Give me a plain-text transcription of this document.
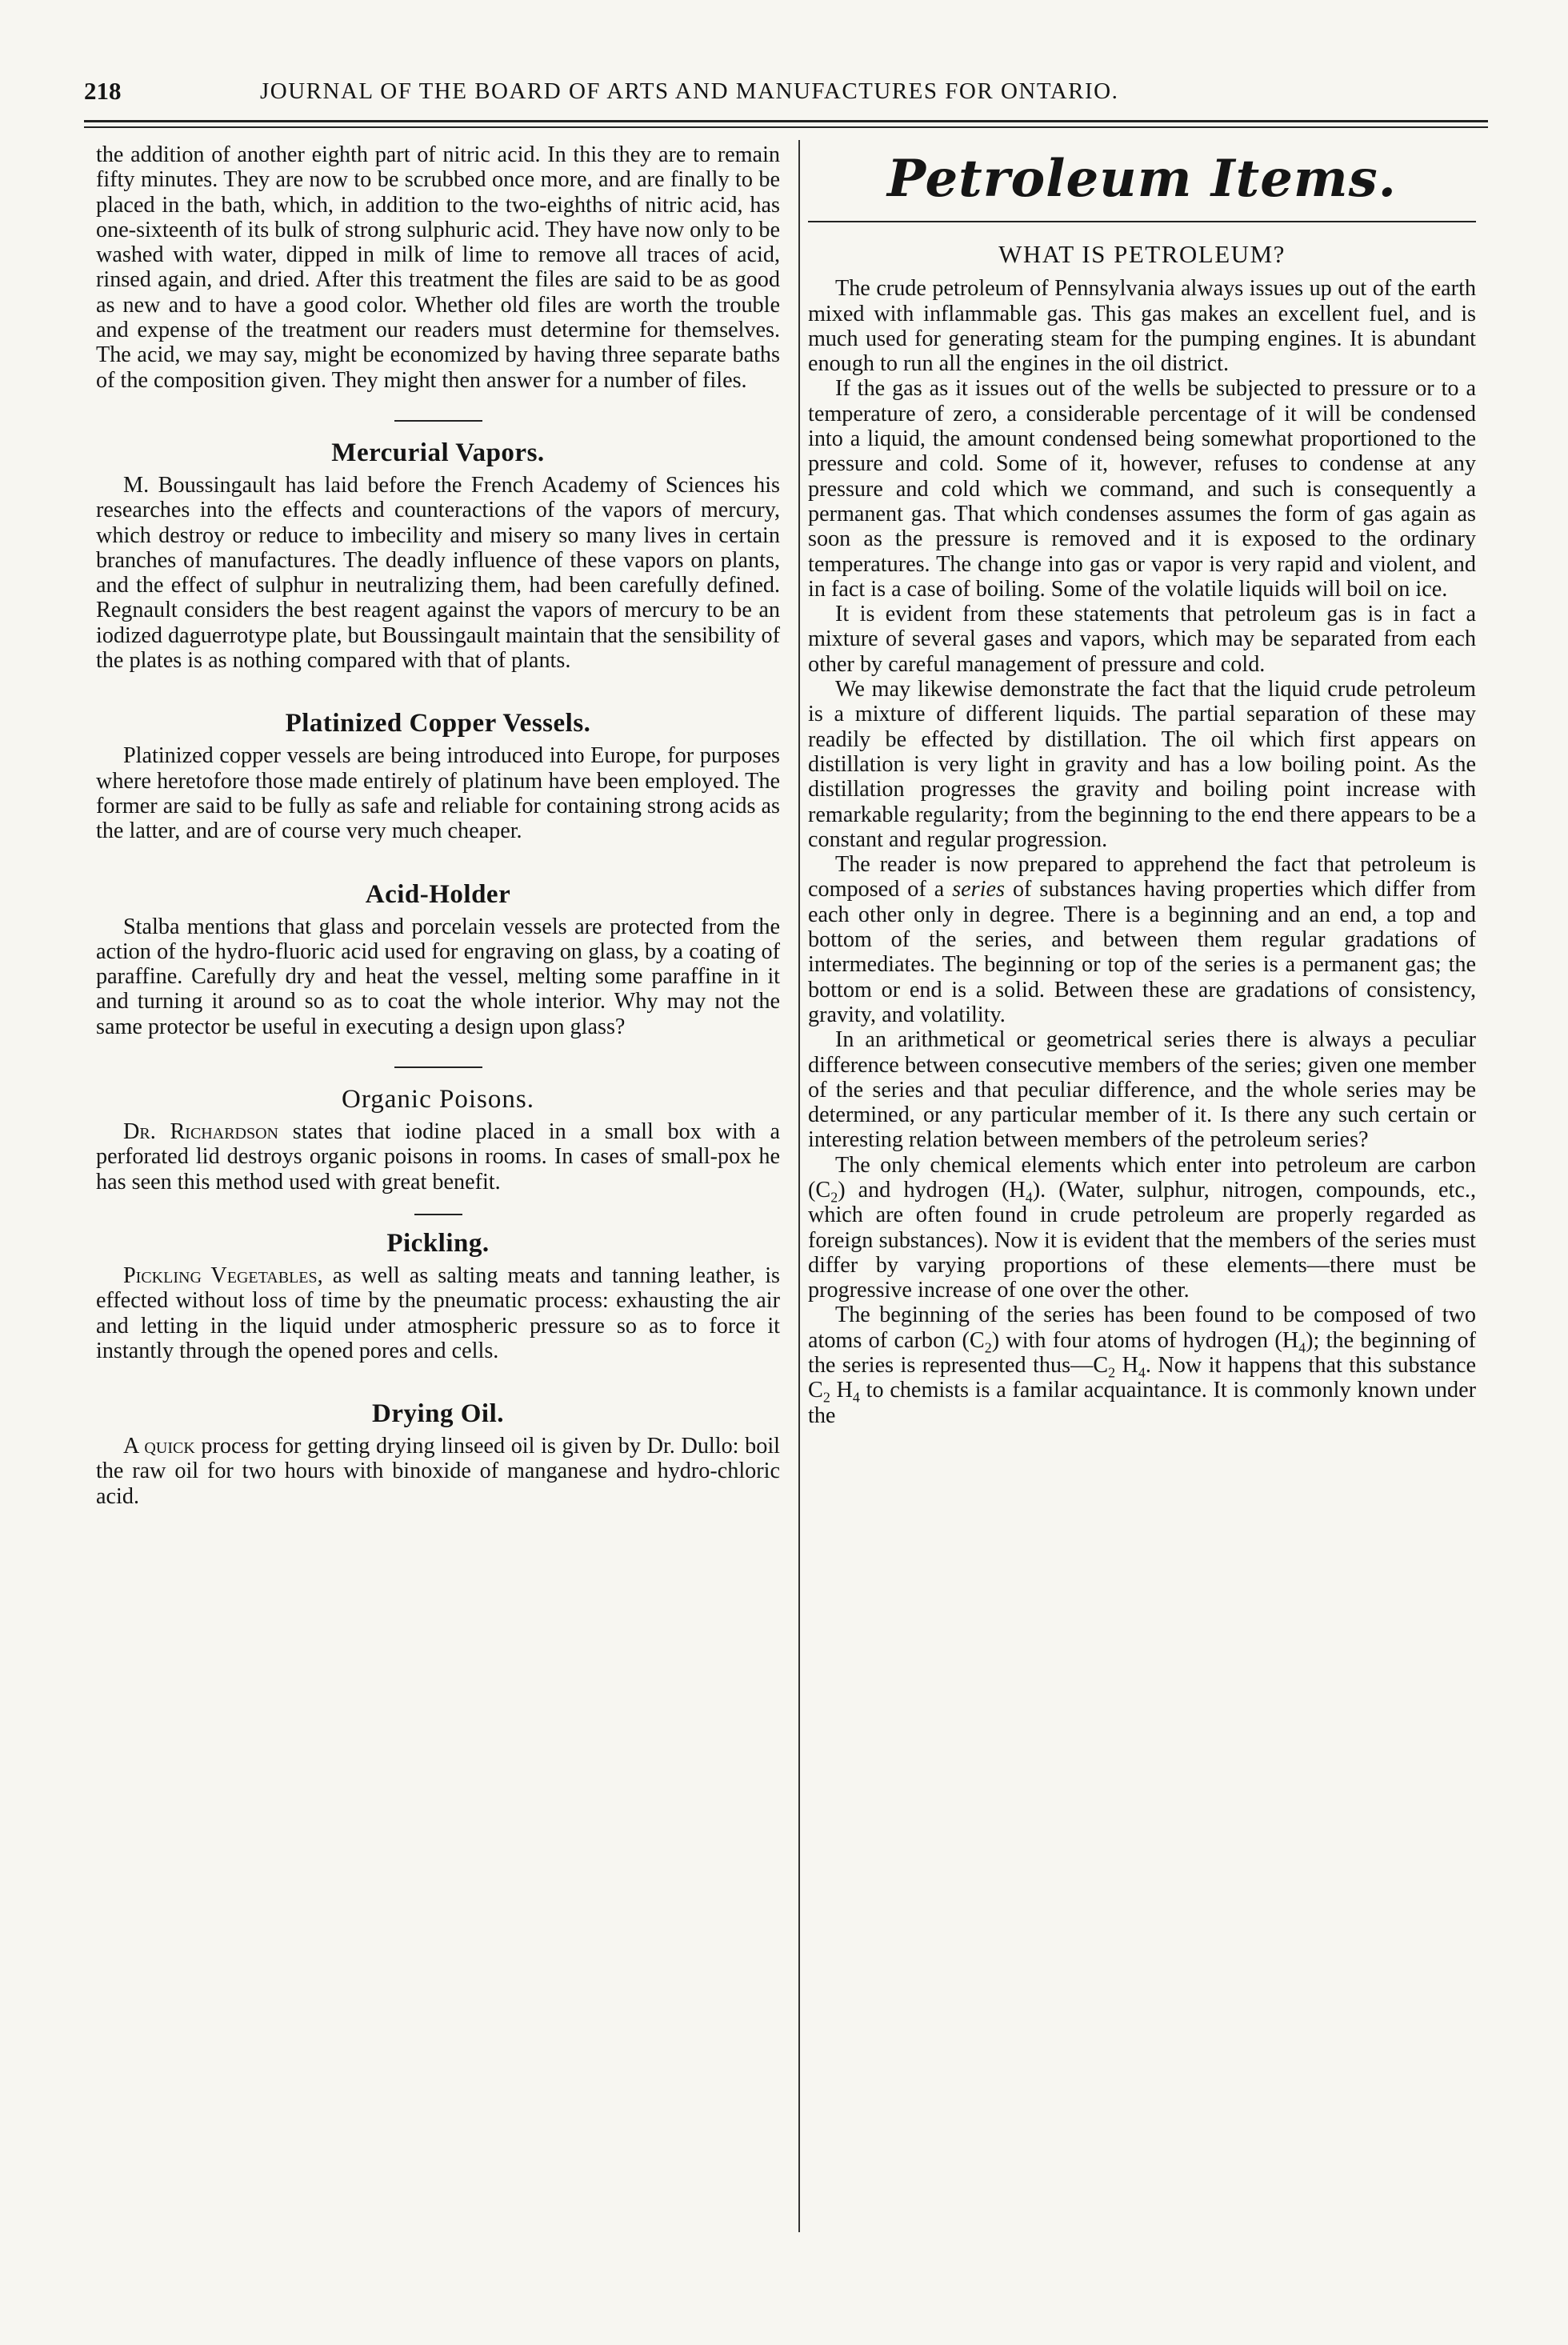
218	JOURNAL OF THE BOARD OF ARTS AND MANUFACTURES FOR ONTARIO.

the addition of another eighth part of nitric acid. In this they are to remain fifty minutes. They are now to be scrubbed once more, and are finally to be placed in the bath, which, in addition to the two-eighths of nitric acid, has one-sixteenth of its bulk of strong sulphuric acid. They have now only to be washed with water, dipped in milk of lime to remove all traces of acid, rinsed again, and dried. After this treatment the files are said to be as good as new and to have a good color. Whether old files are worth the trouble and expense of the treatment our readers must determine for themselves. The acid, we may say, might be economized by having three separate baths of the composition given. They might then answer for a number of files.

Mercurial Vapors.

M. Boussingault has laid before the French Academy of Sciences his researches into the effects and counteractions of the vapors of mercury, which destroy or reduce to imbecility and misery so many lives in certain branches of manufactures. The deadly influence of these vapors on plants, and the effect of sulphur in neutralizing them, had been carefully defined. Regnault considers the best reagent against the vapors of mercury to be an iodized daguerrotype plate, but Boussingault maintain that the sensibility of the plates is as nothing compared with that of plants.

Platinized Copper Vessels.

Platinized copper vessels are being introduced into Europe, for purposes where heretofore those made entirely of platinum have been employed. The former are said to be fully as safe and reliable for containing strong acids as the latter, and are of course very much cheaper.

Acid-Holder

Stalba mentions that glass and porcelain vessels are protected from the action of the hydro-fluoric acid used for engraving on glass, by a coating of paraffine. Carefully dry and heat the vessel, melting some paraffine in it and turning it around so as to coat the whole interior. Why may not the same protector be useful in executing a design upon glass?

Organic Poisons.

Dr. Richardson states that iodine placed in a small box with a perforated lid destroys organic poisons in rooms. In cases of small-pox he has seen this method used with great benefit.

Pickling.

Pickling Vegetables, as well as salting meats and tanning leather, is effected without loss of time by the pneumatic process: exhausting the air and letting in the liquid under atmospheric pressure so as to force it instantly through the opened pores and cells.

Drying Oil.

A quick process for getting drying linseed oil is given by Dr. Dullo: boil the raw oil for two hours with binoxide of manganese and hydro-chloric acid.

Petroleum Items.
WHAT IS PETROLEUM?

The crude petroleum of Pennsylvania always issues up out of the earth mixed with inflammable gas. This gas makes an excellent fuel, and is much used for generating steam for the pumping engines. It is abundant enough to run all the engines in the oil district.

If the gas as it issues out of the wells be subjected to pressure or to a temperature of zero, a considerable percentage of it will be condensed into a liquid, the amount condensed being somewhat proportioned to the pressure and cold. Some of it, however, refuses to condense at any pressure and cold which we command, and such is consequently a permanent gas. That which condenses assumes the form of gas again as soon as the pressure is removed and it is exposed to the ordinary temperatures. The change into gas or vapor is very rapid and violent, and in fact is a case of boiling. Some of the volatile liquids will boil on ice.

It is evident from these statements that petroleum gas is in fact a mixture of several gases and vapors, which may be separated from each other by careful management of pressure and cold.

We may likewise demonstrate the fact that the liquid crude petroleum is a mixture of different liquids. The partial separation of these may readily be effected by distillation. The oil which first appears on distillation is very light in gravity and has a low boiling point. As the distillation progresses the gravity and boiling point increase with remarkable regularity; from the beginning to the end there appears to be a constant and regular progression.

The reader is now prepared to apprehend the fact that petroleum is composed of a series of substances having properties which differ from each other only in degree. There is a beginning and an end, a top and bottom of the series, and between them regular gradations of intermediates. The beginning or top of the series is a permanent gas; the bottom or end is a solid. Between these are gradations of consistency, gravity, and volatility.

In an arithmetical or geometrical series there is always a peculiar difference between consecutive members of the series; given one member of the series and that peculiar difference, and the whole series may be determined, or any particular member of it. Is there any such certain or interesting relation between members of the petroleum series?

The only chemical elements which enter into petroleum are carbon $(C_2)$ and hydrogen $(H_4)$. (Water, sulphur, nitrogen, compounds, etc., which are often found in crude petroleum are properly regarded as foreign substances). Now it is evident that the members of the series must differ by varying proportions of these elements—there must be progressive increase of one over the other.

The beginning of the series has been found to be composed of two atoms of carbon $(C_2)$ with four atoms of hydrogen $(H_4)$; the beginning of the series is represented $thus—C_2$ $H_4$. Now it happens that this substance $C_2$ $H_4$ to chemists is a familar acquaintance. It is commonly known under the
